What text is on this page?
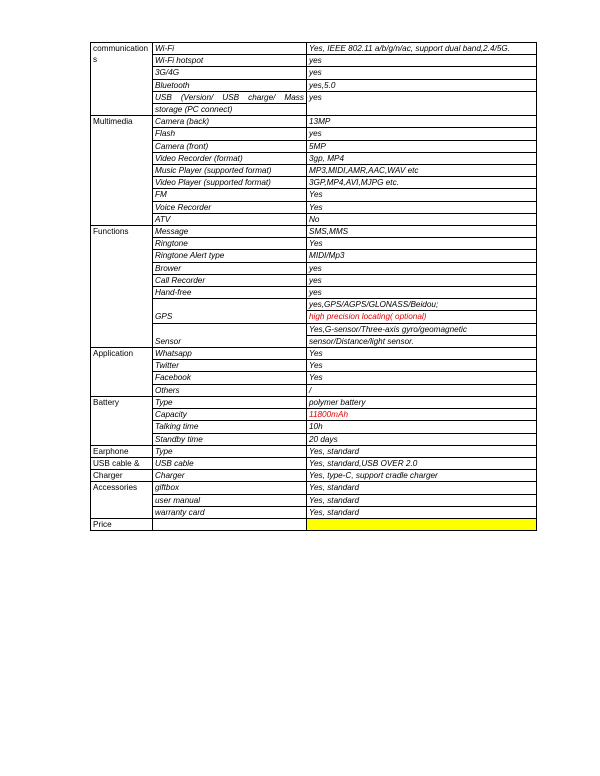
communication s	Wi-Fi	Yes, IEEE 802.11 a/b/g/n/ac, support dual band,2.4/5G.
	Wi-Fi hotspot	yes
	3G/4G	yes
	Bluetooth	yes,5.0

	USB (Version/ USB charge/ Mass	yes
	storage (PC connect)	
Multimedia	Camera (back)	13MP
	Flash	yes
	Camera (front)	5MP
	Video Recorder (format)	3gp, MP4
	Music Player (supported format)	MP3,MIDI,AMR,AAC,WAV etc
	Video Player (supported format)	3GP,MP4,AVI,MJPG etc.
	FM	Yes
	Voice Recorder	Yes
	ATV	No
Functions	Message	SMS,MMS
	Ringtone	Yes
	Ringtone Alert type	MIDI/Mp3
	Brower	yes
	Call Recorder	yes
	Hand-free	yes
	GPS	yes,GPS/AGPS/GLONASS/Beidou;
		high precision locating( optional)
	Sensor	Yes,G-sensor/Three-axis gyro/geomagnetic
		sensor/Distance/light sensor.
Application	Whatsapp	Yes
	Twitter	Yes
	Facebook	Yes
	Others	/
Battery	Type	polymer battery
	Capacity	11800mAh
	Talking time	10h
	Standby time	20 days
Earphone	Type	Yes, standard
USB cable &	USB cable	Yes, standard,USB OVER 2.0
Charger	Charger	Yes, type-C, support cradle charger
Accessories	giftbox	Yes, standard
	user manual	Yes, standard
	warranty card	Yes, standard
Price		
